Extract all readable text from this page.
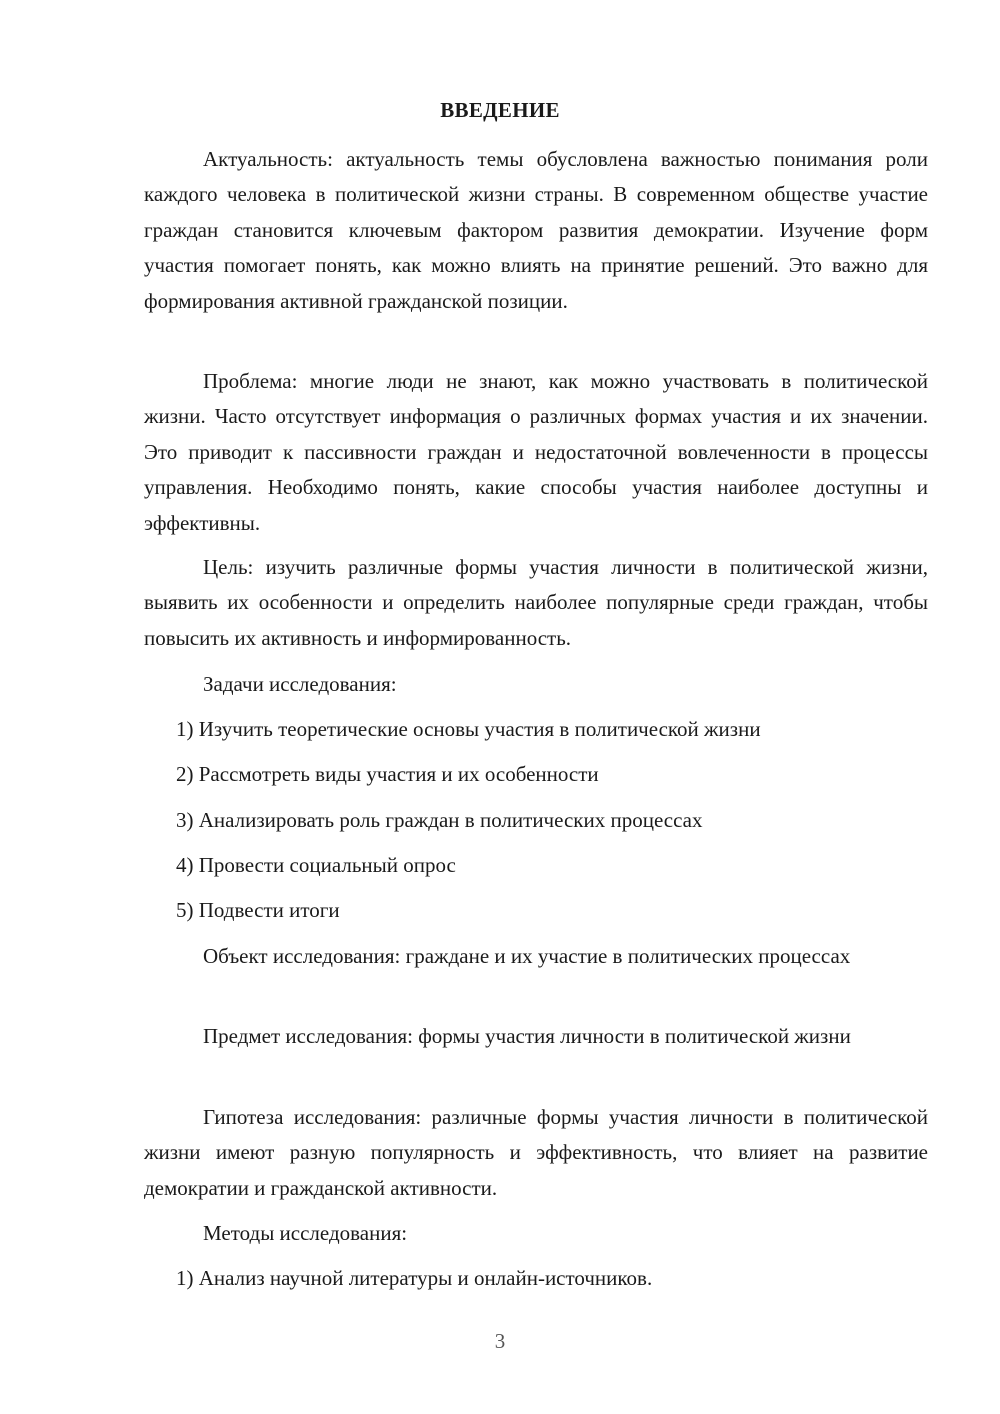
ВВЕДЕНИЕ

Актуальность: актуальность темы обусловлена важностью понимания роли каждого человека в политической жизни страны. В современном обществе участие граждан становится ключевым фактором развития демократии. Изучение форм участия помогает понять, как можно влиять на принятие решений. Это важно для формирования активной гражданской позиции.

Проблема: многие люди не знают, как можно участвовать в политической жизни. Часто отсутствует информация о различных формах участия и их значении. Это приводит к пассивности граждан и недостаточной вовлеченности в процессы управления. Необходимо понять, какие способы участия наиболее доступны и эффективны.

Цель: изучить различные формы участия личности в политической жизни, выявить их особенности и определить наиболее популярные среди граждан, чтобы повысить их активность и информированность.

Задачи исследования:

1) Изучить теоретические основы участия в политической жизни

2) Рассмотреть виды участия и их особенности

3) Анализировать роль граждан в политических процессах

4) Провести социальный опрос

5) Подвести итоги

Объект исследования: граждане и их участие в политических процессах

Предмет исследования: формы участия личности в политической жизни

Гипотеза исследования: различные формы участия личности в политической жизни имеют разную популярность и эффективность, что влияет на развитие демократии и гражданской активности.

Методы исследования:

1) Анализ научной литературы и онлайн-источников.

3
